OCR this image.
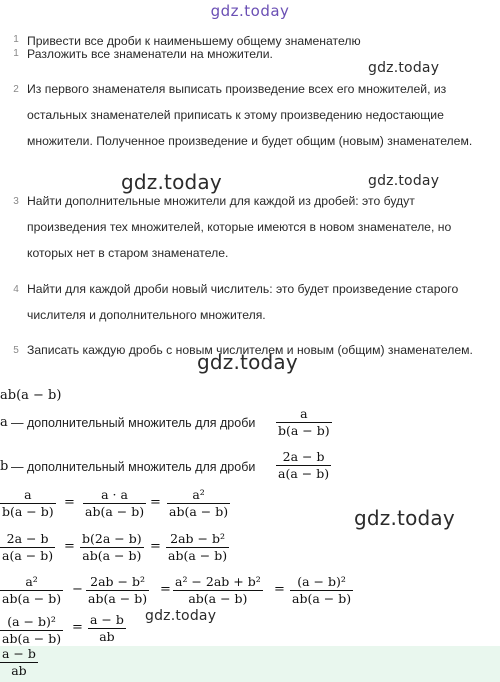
gdz.today
1 Привести все дроби к наименьшему общему знаменателю
1 Разложить все знаменатели на множители.
2 Из первого знаменателя выписать произведение всех его множителей, из остальных знаменателей приписать к этому произведению недостающие множители. Полученное произведение и будет общим (новым) знаменателем.
3 Найти дополнительные множители для каждой из дробей: это будут произведения тех множителей, которые имеются в новом знаменателе, но которых нет в старом знаменателе.
4 Найти для каждой дроби новый числитель: это будет произведение старого числителя и дополнительного множителя.
5 Записать каждую дробь с новым числителем и новым (общим) знаменателем.
gdz.today
gdz.today	gdz.today
gdz.today
gdz.today
gdz.today
ab(a − b)
a — дополнительный множитель для дроби
a
b(a − b)
b — дополнительный множитель для дроби
2a − b
a(a − b)
a
b(a − b)
=
a · a
ab(a − b)
=
a²
ab(a − b)
2a − b
a(a − b)
=
b(2a − b)
ab(a − b)
=
2ab − b²
ab(a − b)
a²
ab(a − b)
−
2ab − b²
ab(a − b)
=
a² − 2ab + b²
ab(a − b)
=
(a − b)²
ab(a − b)
(a − b)²
ab(a − b)
=
a − b
ab
a − b
ab
